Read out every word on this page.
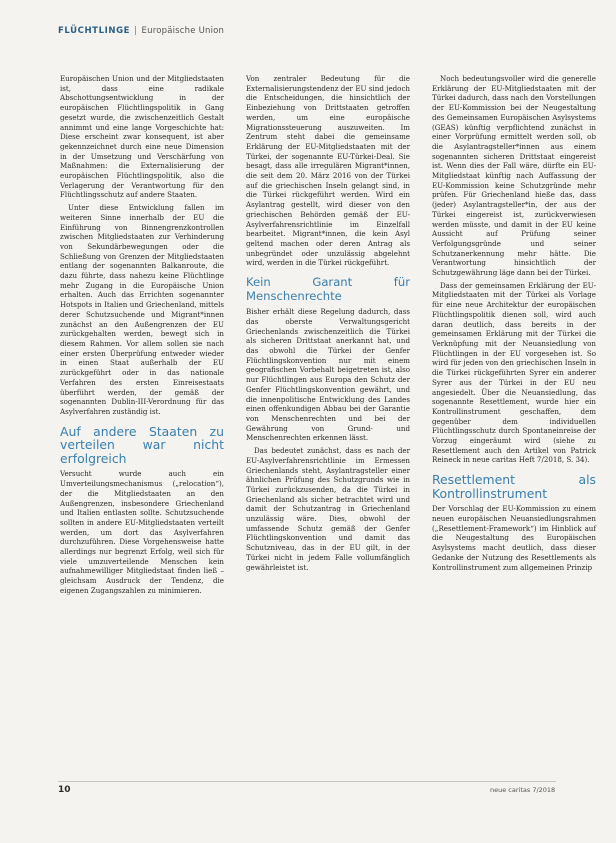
FLÜCHTLINGE | Europäische Union

Europäischen Union und der Mitgliedstaaten ist, dass eine radikale Abschottungsentwicklung in der europäischen Flüchtlingspolitik in Gang gesetzt wurde, die zwischenzeitlich Gestalt annimmt und eine lange Vorgeschichte hat: Diese erscheint zwar konsequent, ist aber gekennzeichnet durch eine neue Dimension in der Umsetzung und Verschärfung von Maßnahmen: die Externalisierung der europäischen Flüchtlingspolitik, also die Verlagerung der Verantwortung für den Flüchtlingsschutz auf andere Staaten.

Unter diese Entwicklung fallen im weiteren Sinne innerhalb der EU die Einführung von Binnengrenzkontrollen zwischen Mitgliedstaaten zur Verhinderung von Sekundärbewegungen oder die Schließung von Grenzen der Mitgliedstaaten entlang der sogenannten Balkanroute, die dazu führte, dass nahezu keine Flüchtlinge mehr Zugang in die Europäische Union erhalten. Auch das Errichten sogenannter Hotspots in Italien und Griechenland, mittels derer Schutzsuchende und Migrant*innen zunächst an den Außengrenzen der EU zurückgehalten werden, bewegt sich in diesem Rahmen. Vor allem sollen sie nach einer ersten Überprüfung entweder wieder in einen Staat außerhalb der EU zurückgeführt oder in das nationale Verfahren des ersten Einreisestaats überführt werden, der gemäß der sogenannten Dublin-III-Verordnung für das Asylverfahren zuständig ist.

Auf andere Staaten zu verteilen war nicht erfolgreich

Versucht wurde auch ein Umverteilungsmechanismus („relocation“), der die Mitgliedstaaten an den Außengrenzen, insbesondere Griechenland und Italien entlasten sollte. Schutzsuchende sollten in andere EU-Mitgliedstaaten verteilt werden, um dort das Asylverfahren durchzuführen. Diese Vorgehensweise hatte allerdings nur begrenzt Erfolg, weil sich für viele umzuverteilende Menschen kein aufnahmewilliger Mitgliedstaat finden ließ – gleichsam Ausdruck der Tendenz, die eigenen Zugangszahlen zu minimieren.

Von zentraler Bedeutung für die Externalisierungstendenz der EU sind jedoch die Entscheidungen, die hinsichtlich der Einbeziehung von Drittstaaten getroffen werden, um eine europäische Migrationssteuerung auszuweiten. Im Zentrum steht dabei die gemeinsame Erklärung der EU-Mitgliedstaaten mit der Türkei, der sogenannte EU-Türkei-Deal. Sie besagt, dass alle irregulären Migrant*innen, die seit dem 20. März 2016 von der Türkei auf die griechischen Inseln gelangt sind, in die Türkei rückgeführt werden. Wird ein Asylantrag gestellt, wird dieser von den griechischen Behörden gemäß der EU-Asylverfahrensrichtlinie im Einzelfall bearbeitet. Migrant*innen, die kein Asyl geltend machen oder deren Antrag als unbegründet oder unzulässig abgelehnt wird, werden in die Türkei rückgeführt.

Kein Garant für Menschenrechte

Bisher erhält diese Regelung dadurch, dass das oberste Verwaltungsgericht Griechenlands zwischenzeitlich die Türkei als sicheren Drittstaat anerkannt hat, und das obwohl die Türkei der Genfer Flüchtlingskonvention nur mit einem geografischen Vorbehalt beigetreten ist, also nur Flüchtlingen aus Europa den Schutz der Genfer Flüchtlingskonvention gewährt, und die innenpolitische Entwicklung des Landes einen offenkundigen Abbau bei der Garantie von Menschenrechten und bei der Gewährung von Grund- und Menschenrechten erkennen lässt.

Das bedeutet zunächst, dass es nach der EU-Asylverfahrensrichtlinie im Ermessen Griechenlands steht, Asylantragsteller einer ähnlichen Prüfung des Schutzgrunds wie in Türkei zurückzusenden, da die Türkei in Griechenland als sicher betrachtet wird und damit der Schutzantrag in Griechenland unzulässig wäre. Dies, obwohl der umfassende Schutz gemäß der Genfer Flüchtlingskonvention und damit das Schutzniveau, das in der EU gilt, in der Türkei nicht in jedem Falle vollumfänglich gewährleistet ist.

Noch bedeutungsvoller wird die generelle Erklärung der EU-Mitgliedstaaten mit der Türkei dadurch, dass nach den Vorstellungen der EU-Kommission bei der Neugestaltung des Gemeinsamen Europäischen Asylsystems (GEAS) künftig verpflichtend zunächst in einer Vorprüfung ermittelt werden soll, ob die Asylantragsteller*innen aus einem sogenannten sicheren Drittstaat eingereist ist. Wenn dies der Fall wäre, dürfte ein EU-Mitgliedstaat künftig nach Auffassung der EU-Kommission keine Schutzgründe mehr prüfen. Für Griechenland hieße das, dass (jeder) Asylantragsteller*in, der aus der Türkei eingereist ist, zurückverwiesen werden müsste, und damit in der EU keine Aussicht auf Prüfung seiner Verfolgungsgründe und seiner Schutzanerkennung mehr hätte. Die Verantwortung hinsichtlich der Schutzgewährung läge dann bei der Türkei.

Dass der gemeinsamen Erklärung der EU-Mitgliedstaaten mit der Türkei als Vorlage für eine neue Architektur der europäischen Flüchtlingspolitik dienen soll, wird auch daran deutlich, dass bereits in der gemeinsamen Erklärung mit der Türkei die Verknüpfung mit der Neuansiedlung von Flüchtlingen in der EU vorgesehen ist. So wird für jeden von den griechischen Inseln in die Türkei rückgeführten Syrer ein anderer Syrer aus der Türkei in der EU neu angesiedelt. Über die Neuansiedlung, das sogenannte Resettlement, wurde hier ein Kontrollinstrument geschaffen, dem gegenüber dem individuellen Flüchtlingsschutz durch Spontaneinreise der Vorzug eingeräumt wird (siehe zu Resettlement auch den Artikel von Patrick Reineck in neue caritas Heft 7/2018, S. 34).

Resettlement als Kontrollinstrument

Der Vorschlag der EU-Kommission zu einem neuen europäischen Neuansiedlungsrahmen („Resettlement-Framework“) im Hinblick auf die Neugestaltung des Europäischen Asylsystems macht deutlich, dass dieser Gedanke der Nutzung des Resettlements als Kontrollinstrument zum allgemeinen Prinzip

10	neue caritas 7/2018
